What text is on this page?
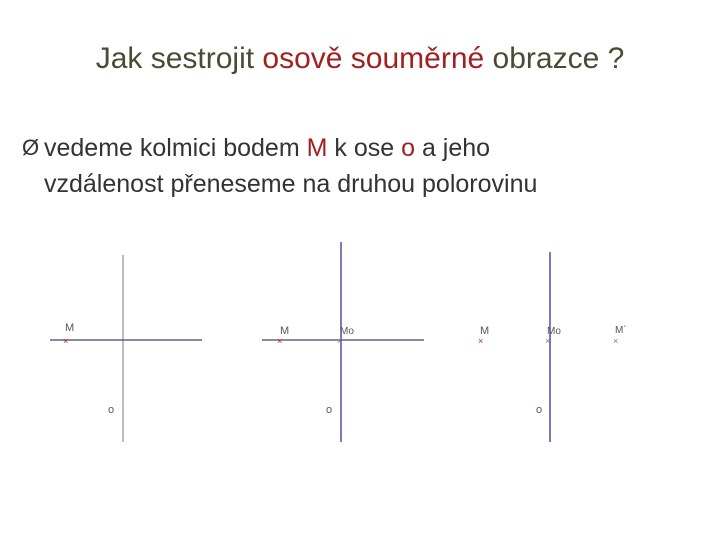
Jak sestrojit osově souměrné obrazce ?
Ø vedeme kolmici bodem M k ose o a jeho
vzdálenost přeneseme na druhou polorovinu
M
×
o
M
×
Mo
×
o
M
×
Mo
×
M´
×
o
